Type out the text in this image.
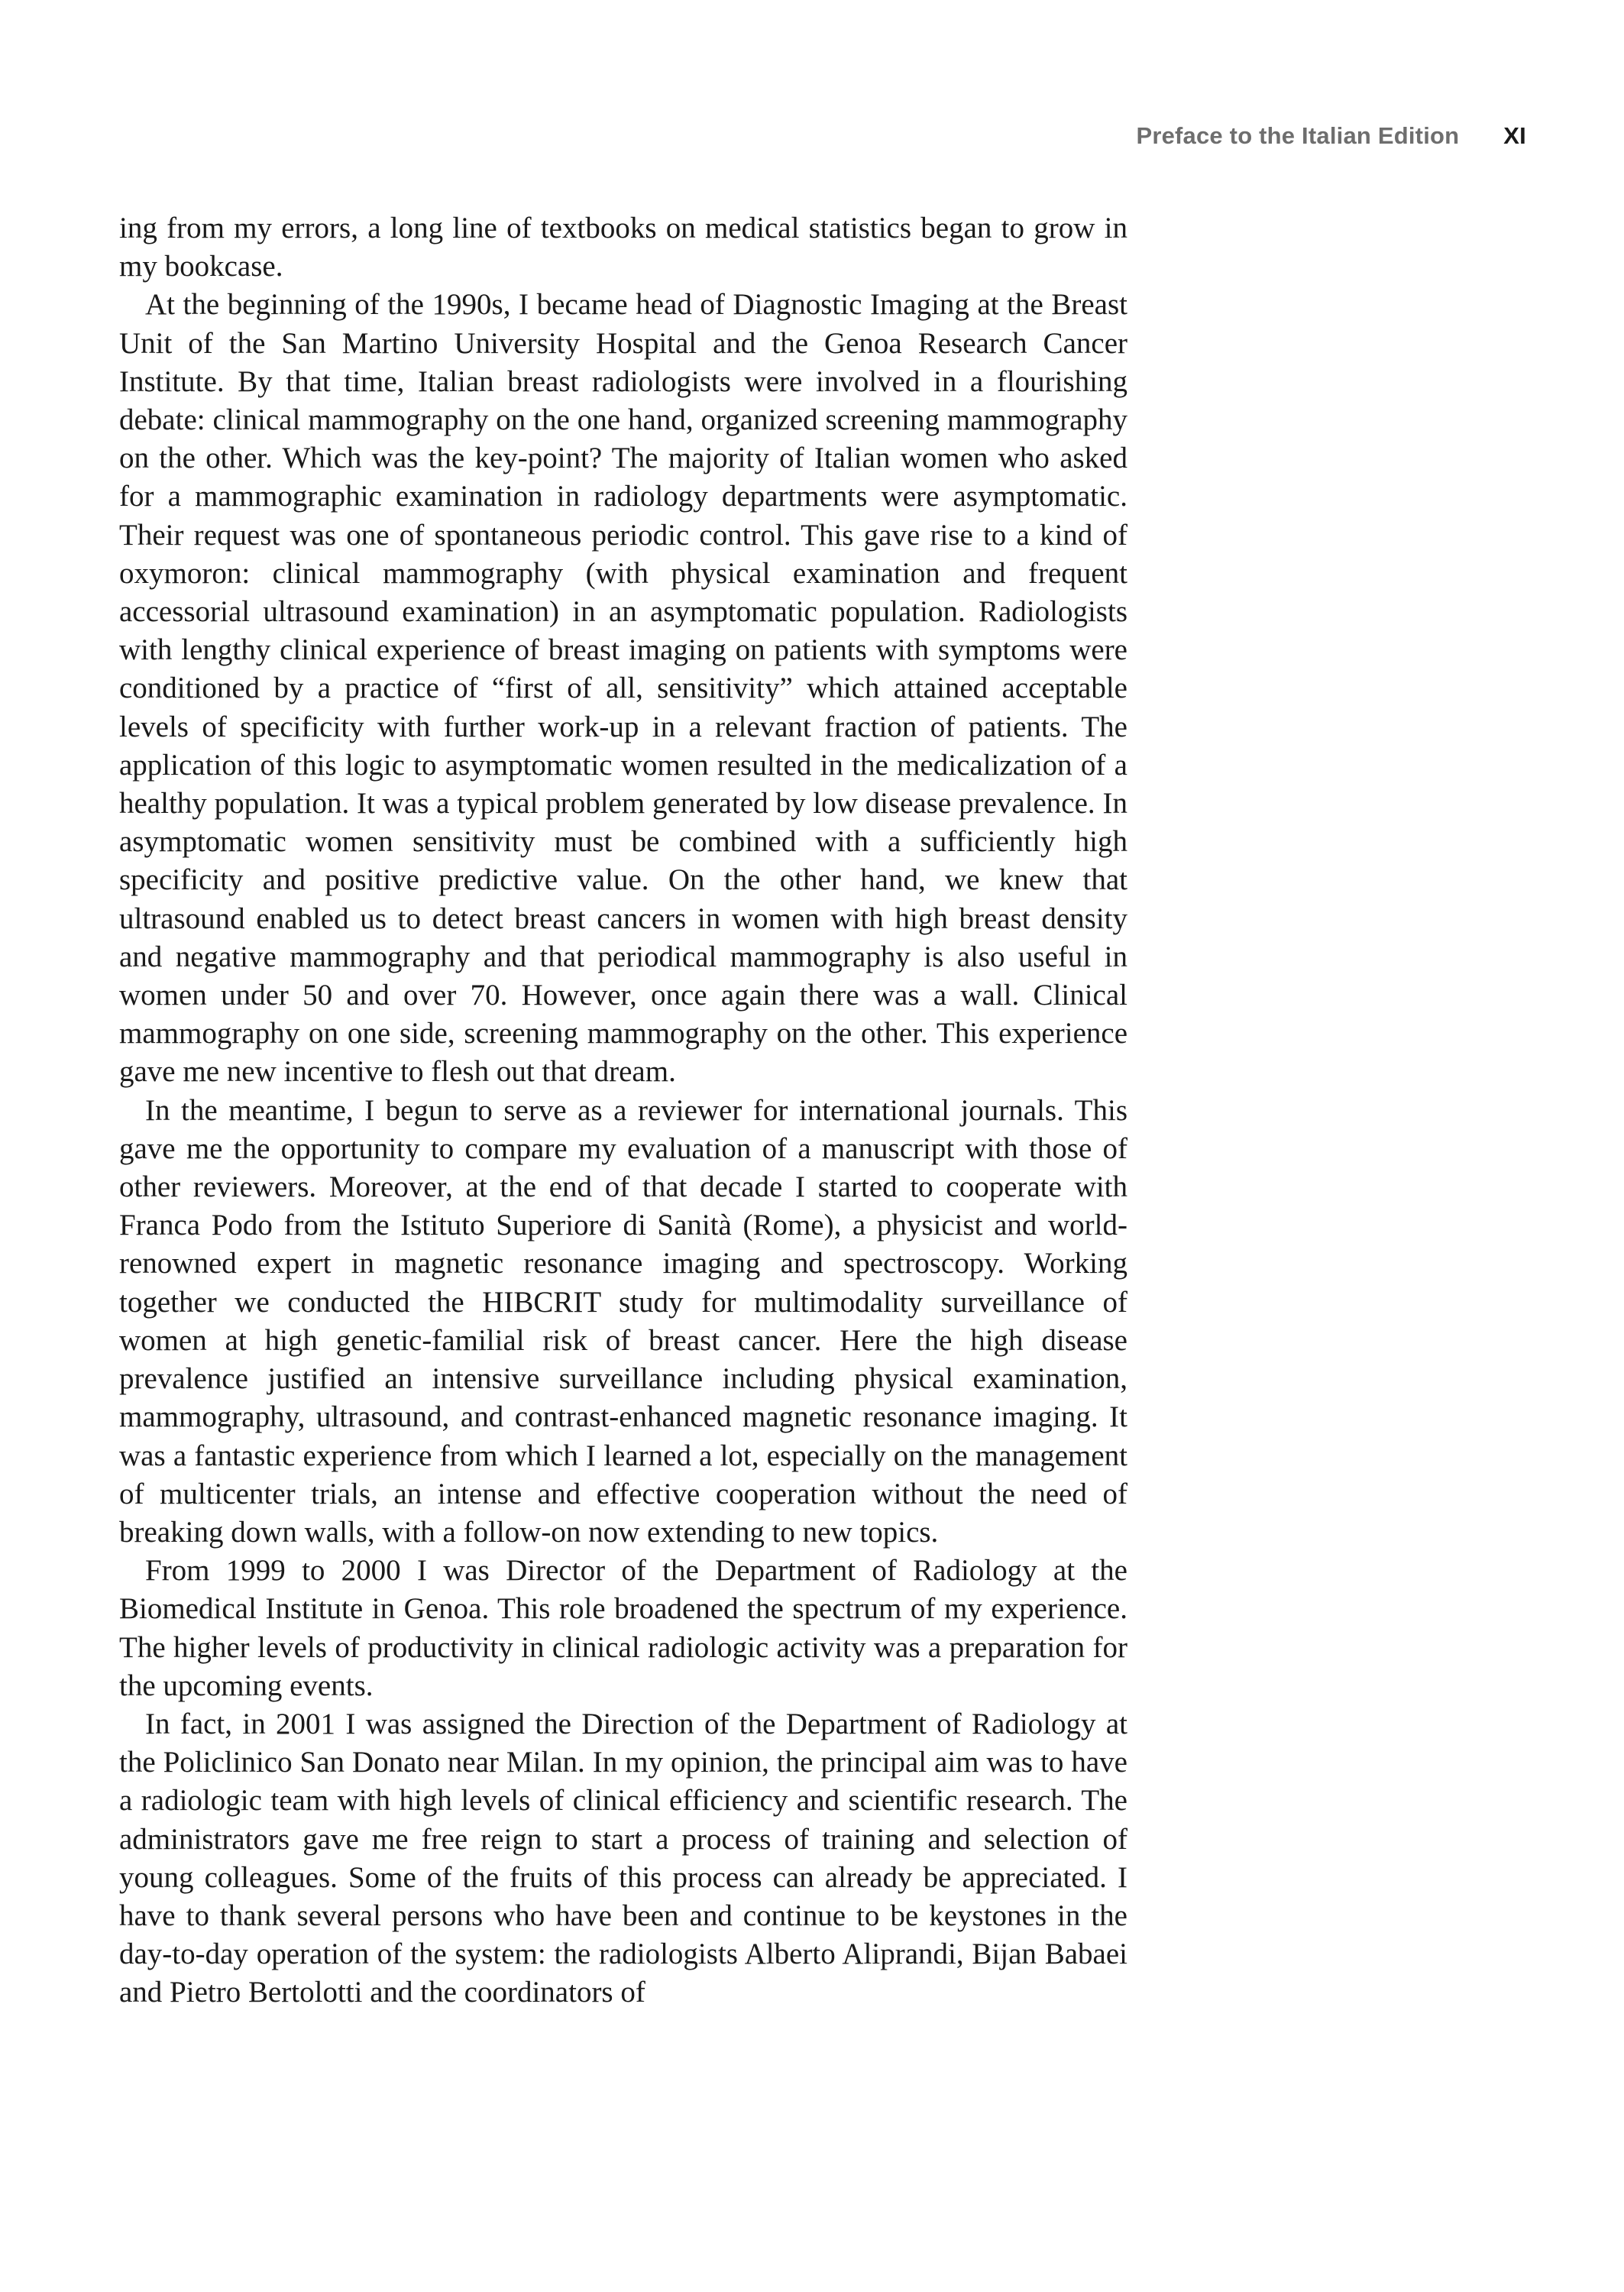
Preface to the Italian Edition XI

ing from my errors, a long line of textbooks on medical statistics began to grow in my bookcase.

At the beginning of the 1990s, I became head of Diagnostic Imaging at the Breast Unit of the San Martino University Hospital and the Genoa Research Cancer Institute. By that time, Italian breast radiologists were involved in a flourishing debate: clinical mammography on the one hand, organized screening mammography on the other. Which was the key-point? The majority of Italian women who asked for a mammographic examination in radiology departments were asymptomatic. Their request was one of spontaneous periodic control. This gave rise to a kind of oxymoron: clinical mammography (with physical examination and frequent accessorial ultrasound examination) in an asymptomatic population. Radiologists with lengthy clinical experience of breast imaging on patients with symptoms were conditioned by a practice of “first of all, sensitivity” which attained acceptable levels of specificity with further work-up in a relevant fraction of patients. The application of this logic to asymptomatic women resulted in the medicalization of a healthy population. It was a typical problem generated by low disease prevalence. In asymptomatic women sensitivity must be combined with a sufficiently high specificity and positive predictive value. On the other hand, we knew that ultrasound enabled us to detect breast cancers in women with high breast density and negative mammography and that periodical mammography is also useful in women under 50 and over 70. However, once again there was a wall. Clinical mammography on one side, screening mammography on the other. This experience gave me new incentive to flesh out that dream.

In the meantime, I begun to serve as a reviewer for international journals. This gave me the opportunity to compare my evaluation of a manuscript with those of other reviewers. Moreover, at the end of that decade I started to cooperate with Franca Podo from the Istituto Superiore di Sanità (Rome), a physicist and world-renowned expert in magnetic resonance imaging and spectroscopy. Working together we conducted the HIBCRIT study for multimodality surveillance of women at high genetic-familial risk of breast cancer. Here the high disease prevalence justified an intensive surveillance including physical examination, mammography, ultrasound, and contrast-enhanced magnetic resonance imaging. It was a fantastic experience from which I learned a lot, especially on the management of multicenter trials, an intense and effective cooperation without the need of breaking down walls, with a follow-on now extending to new topics.

From 1999 to 2000 I was Director of the Department of Radiology at the Biomedical Institute in Genoa. This role broadened the spectrum of my experience. The higher levels of productivity in clinical radiologic activity was a preparation for the upcoming events.

In fact, in 2001 I was assigned the Direction of the Department of Radiology at the Policlinico San Donato near Milan. In my opinion, the principal aim was to have a radiologic team with high levels of clinical efficiency and scientific research. The administrators gave me free reign to start a process of training and selection of young colleagues. Some of the fruits of this process can already be appreciated. I have to thank several persons who have been and continue to be keystones in the day-to-day operation of the system: the radiologists Alberto Aliprandi, Bijan Babaei and Pietro Bertolotti and the coordinators of
